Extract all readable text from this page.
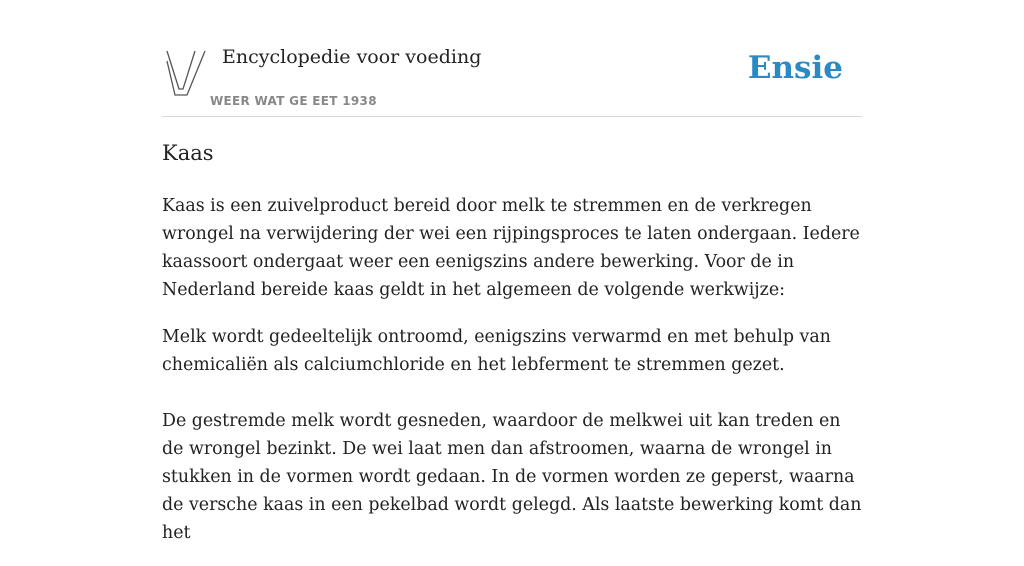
Encyclopedie voor voeding
WEER WAT GE EET 1938
Ensie
Kaas

Kaas is een zuivelproduct bereid door melk te stremmen en de verkregen wrongel na verwijdering der wei een rijpingsproces te laten ondergaan. Iedere kaassoort ondergaat weer een eenigszins andere bewerking. Voor de in Nederland bereide kaas geldt in het algemeen de volgende werkwijze:

Melk wordt gedeeltelijk ontroomd, eenigszins verwarmd en met behulp van chemicaliën als calciumchloride en het lebferment te stremmen gezet.

De gestremde melk wordt gesneden, waardoor de melkwei uit kan treden en de wrongel bezinkt. De wei laat men dan afstroomen, waarna de wrongel in stukken in de vormen wordt gedaan. In de vormen worden ze geperst, waarna de versche kaas in een pekelbad wordt gelegd. Als laatste bewerking komt dan het
